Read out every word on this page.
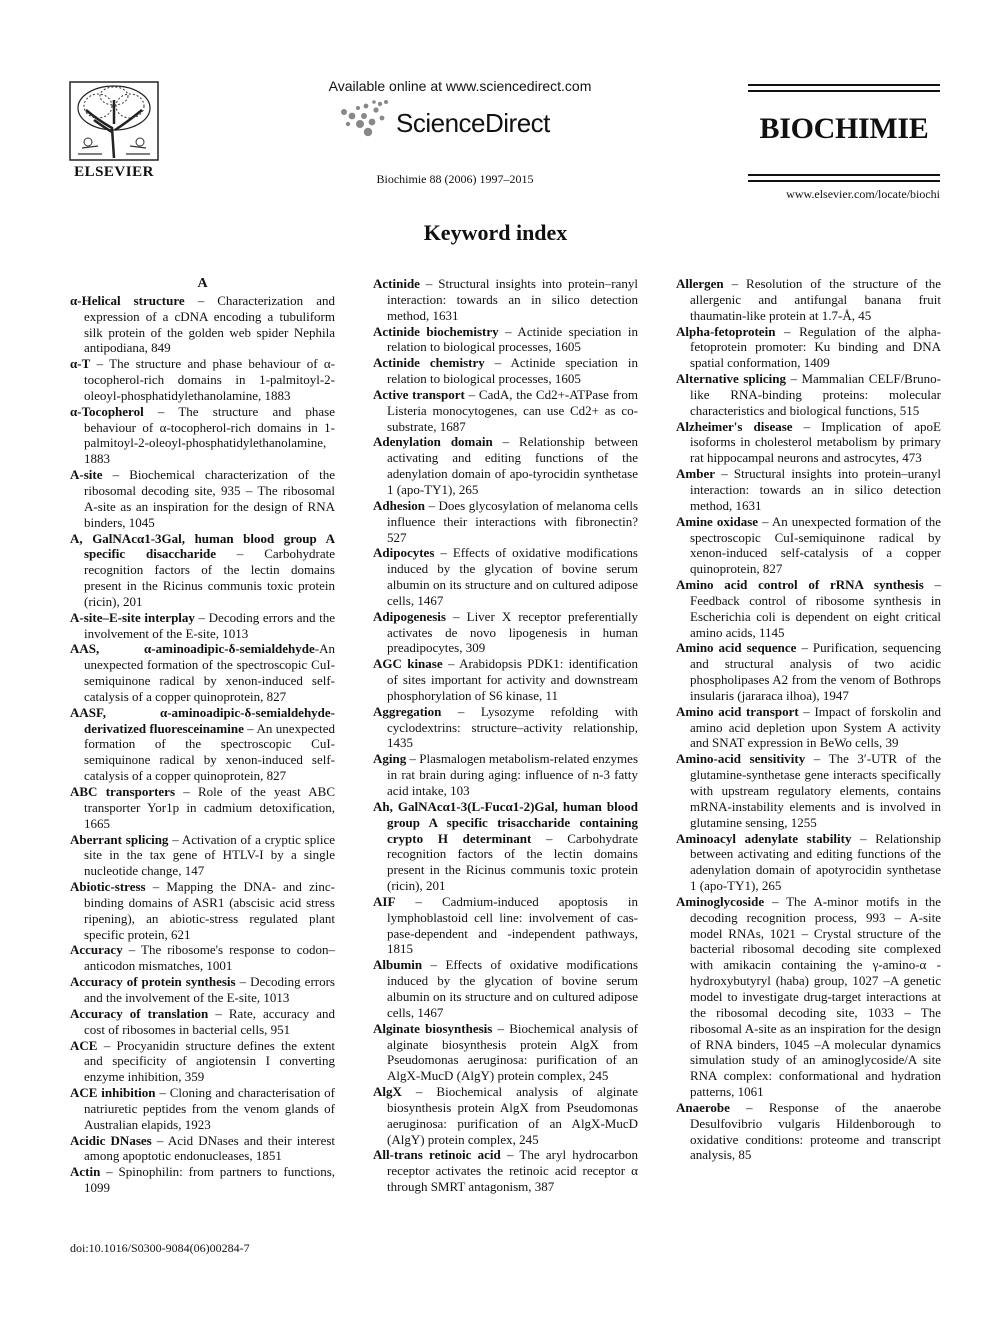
ELSEVIER
Available online at www.sciencedirect.com
ScienceDirect
Biochimie 88 (2006) 1997–2015
BIOCHIMIE
www.elsevier.com/locate/biochi
Keyword index
A

α-Helical structure – Characterization and expression of a cDNA encoding a tubuliform silk protein of the golden web spider Nephila antipodiana, 849

α-T – The structure and phase behaviour of α-tocopherol-rich domains in 1-palmitoyl-2-oleoyl-phosphatidylethanolamine, 1883

α-Tocopherol – The structure and phase behaviour of α-tocopherol-rich domains in 1-palmitoyl-2-oleoyl-phosphatidylethanolamine, 1883

A-site – Biochemical characterization of the ribosomal decoding site, 935 – The ribosomal A-site as an inspiration for the design of RNA binders, 1045

A, GalNAcα1-3Gal, human blood group A specific disaccharide – Carbohydrate recognition factors of the lectin domains present in the Ricinus communis toxic protein (ricin), 201

A-site–E-site interplay – Decoding errors and the involvement of the E-site, 1013

AAS, α-aminoadipic-δ-semialdehyde-An unexpected formation of the spectroscopic CuI-semiquinone radical by xenon-induced self-catalysis of a copper quinoprotein, 827

AASF, α-aminoadipic-δ-semialdehyde-derivatized fluoresceinamine – An unexpected formation of the spectroscopic CuI-semiquinone radical by xenon-induced self-catalysis of a copper quinoprotein, 827

ABC transporters – Role of the yeast ABC transporter Yor1p in cadmium detoxification, 1665

Aberrant splicing – Activation of a cryptic splice site in the tax gene of HTLV-I by a single nucleotide change, 147

Abiotic-stress – Mapping the DNA- and zinc-binding domains of ASR1 (abscisic acid stress ripening), an abiotic-stress regulated plant specific protein, 621

Accuracy – The ribosome's response to codon–anticodon mismatches, 1001

Accuracy of protein synthesis – Decoding errors and the involvement of the E-site, 1013

Accuracy of translation – Rate, accuracy and cost of ribosomes in bacterial cells, 951

ACE – Procyanidin structure defines the extent and specificity of angiotensin I converting enzyme inhibition, 359

ACE inhibition – Cloning and characterisation of natriuretic peptides from the venom glands of Australian elapids, 1923

Acidic DNases – Acid DNases and their interest among apoptotic endonucleases, 1851

Actin – Spinophilin: from partners to functions, 1099

Actinide – Structural insights into protein–ranyl interaction: towards an in silico detection method, 1631

Actinide biochemistry – Actinide speciation in relation to biological processes, 1605

Actinide chemistry – Actinide speciation in relation to biological processes, 1605

Active transport – CadA, the Cd2+-ATPase from Listeria monocytogenes, can use Cd2+ as co-substrate, 1687

Adenylation domain – Relationship between activating and editing functions of the adenylation domain of apo-tyrocidin synthetase 1 (apo-TY1), 265

Adhesion – Does glycosylation of melanoma cells influence their interactions with fibronectin? 527

Adipocytes – Effects of oxidative modifications induced by the glycation of bovine serum albumin on its structure and on cultured adipose cells, 1467

Adipogenesis – Liver X receptor preferentially activates de novo lipogenesis in human preadipocytes, 309

AGC kinase – Arabidopsis PDK1: identification of sites important for activity and downstream phosphorylation of S6 kinase, 11

Aggregation – Lysozyme refolding with cyclodextrins: structure–activity relationship, 1435

Aging – Plasmalogen metabolism-related enzymes in rat brain during aging: influence of n-3 fatty acid intake, 103

Ah, GalNAcα1-3(L-Fucα1-2)Gal, human blood group A specific trisaccharide containing crypto H determinant – Carbohydrate recognition factors of the lectin domains present in the Ricinus communis toxic protein (ricin), 201

AIF – Cadmium-induced apoptosis in lymphoblastoid cell line: involvement of cas-pase-dependent and -independent pathways, 1815

Albumin – Effects of oxidative modifications induced by the glycation of bovine serum albumin on its structure and on cultured adipose cells, 1467

Alginate biosynthesis – Biochemical analysis of alginate biosynthesis protein AlgX from Pseudomonas aeruginosa: purification of an AlgX-MucD (AlgY) protein complex, 245

AlgX – Biochemical analysis of alginate biosynthesis protein AlgX from Pseudomonas aeruginosa: purification of an AlgX-MucD (AlgY) protein complex, 245

All-trans retinoic acid – The aryl hydrocarbon receptor activates the retinoic acid receptor α through SMRT antagonism, 387

Allergen – Resolution of the structure of the allergenic and antifungal banana fruit thaumatin-like protein at 1.7-Å, 45

Alpha-fetoprotein – Regulation of the alpha-fetoprotein promoter: Ku binding and DNA spatial conformation, 1409

Alternative splicing – Mammalian CELF/Bruno-like RNA-binding proteins: molecular characteristics and biological functions, 515

Alzheimer's disease – Implication of apoE isoforms in cholesterol metabolism by primary rat hippocampal neurons and astrocytes, 473

Amber – Structural insights into protein–uranyl interaction: towards an in silico detection method, 1631

Amine oxidase – An unexpected formation of the spectroscopic CuI-semiquinone radical by xenon-induced self-catalysis of a copper quinoprotein, 827

Amino acid control of rRNA synthesis – Feedback control of ribosome synthesis in Escherichia coli is dependent on eight critical amino acids, 1145

Amino acid sequence – Purification, sequencing and structural analysis of two acidic phospholipases A2 from the venom of Bothrops insularis (jararaca ilhoa), 1947

Amino acid transport – Impact of forskolin and amino acid depletion upon System A activity and SNAT expression in BeWo cells, 39

Amino-acid sensitivity – The 3′-UTR of the glutamine-synthetase gene interacts specifically with upstream regulatory elements, contains mRNA-instability elements and is involved in glutamine sensing, 1255

Aminoacyl adenylate stability – Relationship between activating and editing functions of the adenylation domain of apotyrocidin synthetase 1 (apo-TY1), 265

Aminoglycoside – The A-minor motifs in the decoding recognition process, 993 – A-site model RNAs, 1021 – Crystal structure of the bacterial ribosomal decoding site complexed with amikacin containing the γ-amino-α -hydroxybutyryl (haba) group, 1027 –A genetic model to investigate drug-target interactions at the ribosomal decoding site, 1033 – The ribosomal A-site as an inspiration for the design of RNA binders, 1045 –A molecular dynamics simulation study of an aminoglycoside/A site RNA complex: conformational and hydration patterns, 1061

Anaerobe – Response of the anaerobe Desulfovibrio vulgaris Hildenborough to oxidative conditions: proteome and transcript analysis, 85

doi:10.1016/S0300-9084(06)00284-7
